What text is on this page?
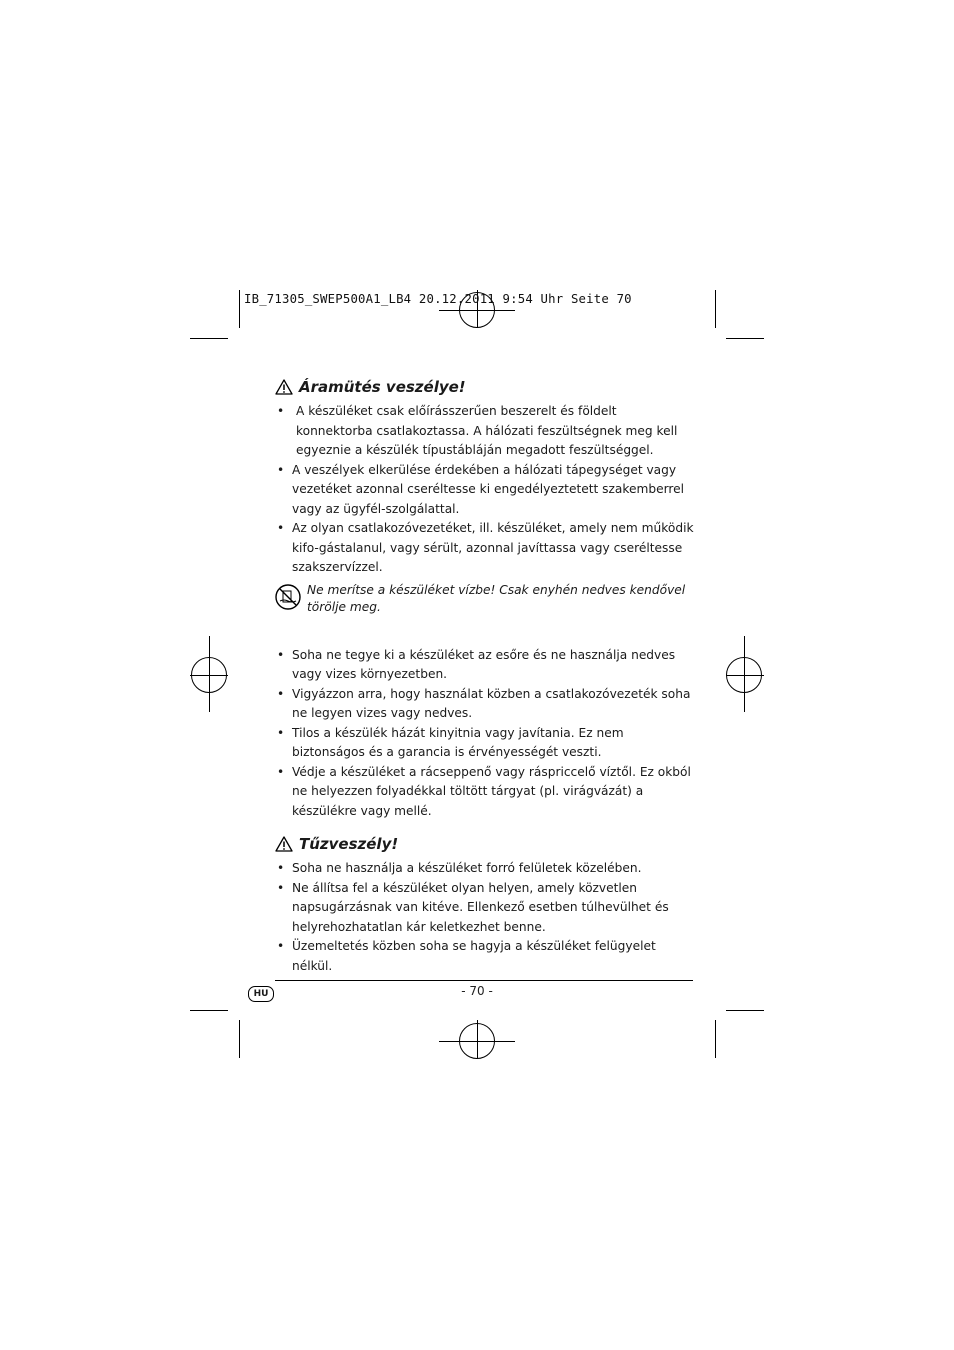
IB_71305_SWEP500A1_LB4 20.12.2011 9:54 Uhr Seite 70
Áramütés veszélye!
• A készüléket csak előírásszerűen beszerelt és földelt konnektorba csatlakoztassa. A hálózati feszültségnek meg kell egyeznie a készülék típustábláján megadott feszültséggel.
• A veszélyek elkerülése érdekében a hálózati tápegységet vagy vezetéket azonnal cseréltesse ki engedélyeztetett szakemberrel vagy az ügyfél-szolgálattal.
• Az olyan csatlakozóvezetéket, ill. készüléket, amely nem működik kifo-gástalanul, vagy sérült, azonnal javíttassa vagy cseréltesse szakszervízzel.
Ne merítse a készüléket vízbe! Csak enyhén nedves kendővel törölje meg.
• Soha ne tegye ki a készüléket az esőre és ne használja nedves vagy vizes környezetben.
• Vigyázzon arra, hogy használat közben a csatlakozóvezeték soha ne legyen vizes vagy nedves.
• Tilos a készülék házát kinyitnia vagy javítania. Ez nem biztonságos és a garancia is érvényességét veszti.
• Védje a készüléket a rácseppenő vagy ráspriccelő víztől. Ez okból ne helyezzen folyadékkal töltött tárgyat (pl. virágvázát) a készülékre vagy mellé.
Tűzveszély!
• Soha ne használja a készüléket forró felületek közelében.
• Ne állítsa fel a készüléket olyan helyen, amely közvetlen napsugárzásnak van kitéve. Ellenkező esetben túlhevülhet és helyrehozhatatlan kár keletkezhet benne.
• Üzemeltetés közben soha se hagyja a készüléket felügyelet nélkül.
HU	- 70 -
